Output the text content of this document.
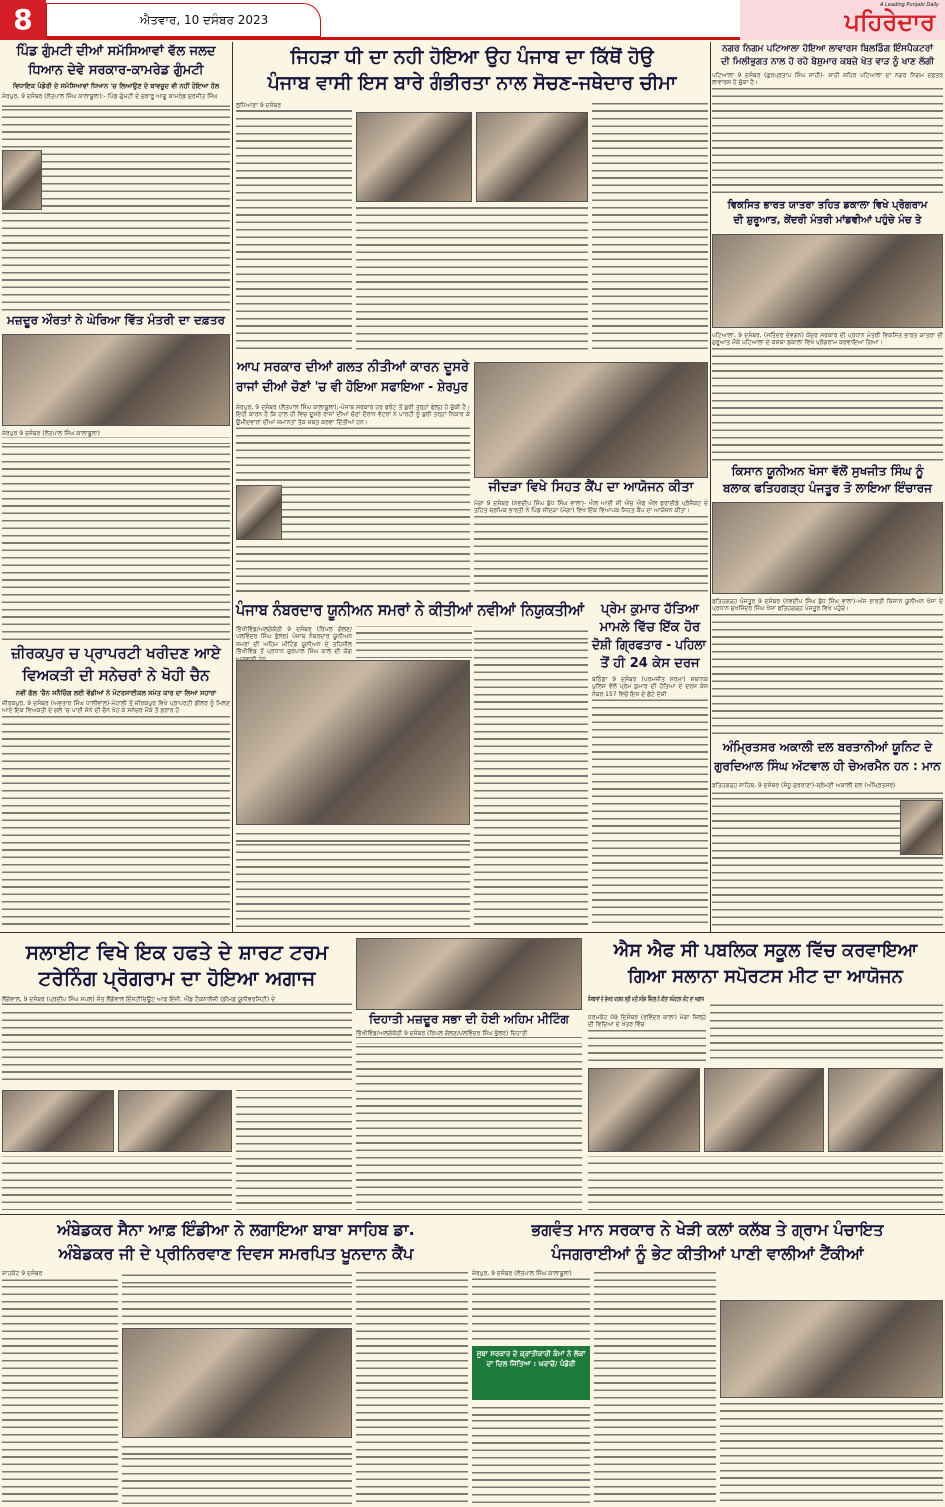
8	ਐਤਵਾਰ, 10 ਦਸੰਬਰ 2023
A Leading Punjabi Daily
ਪਹਿਰੇਦਾਰ
ਪਿੰਡ ਗੁੰਮਟੀ ਦੀਆਂ ਸਮੱਸਿਆਵਾਂ ਵੱਲ ਜਲਦ
ਧਿਆਨ ਦੇਵੇ ਸਰਕਾਰ-ਕਾਮਰੇਡ ਗੁੰਮਟੀ
ਵਿਧਾਇਕ ਪੰਡੋਰੀ ਦੇ ਸਮੱਸਿਆਵਾਂ ਧਿਆਨ 'ਚ ਲਿਆਉਣ ਦੇ ਬਾਵਜੂਦ ਵੀ ਨਹੀਂ ਹੋਇਆ ਹੱਲ
ਸ਼ੇਰਪੁਰ, 9 ਦਸੰਬਰ (ਲੋਤਪਾਲ ਸਿੰਘ ਕਾਲਾਬੂਲਾ):- ਪਿੰਡ ਗੁੰਮਟੀ ਦੇ ਜੁਝਾਰੂ ਆਗੂ ਕਾਮਰੇਡ ਸੁਰਜੀਤ ਸਿੰਘ
ਮਜ਼ਦੂਰ ਔਰਤਾਂ ਨੇ ਘੇਰਿਆ ਵਿੱਤ ਮੰਤਰੀ ਦਾ ਦਫ਼ਤਰ
ਸ਼ੇਰਪੁਰ 9 ਦਸੰਬਰ (ਲੋਤਪਾਲ ਸਿੰਘ ਕਾਲਾਬੂਲਾ)
ਜ਼ੀਰਕਪੁਰ ਚ ਪ੍ਰਾਪਰਟੀ ਖਰੀਦਣ ਆਏ
ਵਿਅਕਤੀ ਦੀ ਸਨੇਚਰਾਂ ਨੇ ਖੋਹੀ ਚੈਨ
ਨਵੀਂ ਗੱਲ 'ਚੈਨ ਸਨੈਚਿੰਗ ਲਈ ਵੱਡੀਆਂ ਨੇ ਮੋਟਰਸਾਈਕਲ ਸਮੇਤ ਕਾਰ ਦਾ ਲਿਆ ਸਹਾਰਾ
ਜ਼ੀਰਕਪੁਰ, 9 ਦਸੰਬਰ (ਅਵਤਾਰ ਸਿੰਘ ਧਾਲੀਵਾਲ)-ਮੋਹਾਲੀ ਤੋਂ ਜ਼ੀਰਕਪੁਰ ਵਿਖੇ ਪ੍ਰਾਪਰਟੀ ਡੀਲਰ ਨੂੰ ਮਿਲਣ ਆਏ ਇਕ ਵਿਅਕਤੀ ਦੇ ਗਲੇ 'ਚ ਪਾਈ ਸੋਨੇ ਦੀ ਚੈਨ ਖੋਹ ਕੇ ਸਨੇਚਰ ਮੌਕੇ ਤੋਂ ਫ਼ਰਾਰ ਹੋ
ਜਿਹੜਾ ਧੀ ਦਾ ਨਹੀ ਹੋਇਆ ਉਹ ਪੰਜਾਬ ਦਾ ਕਿੱਥੋਂ ਹੋਉ
ਪੰਜਾਬ ਵਾਸੀ ਇਸ ਬਾਰੇ ਗੰਭੀਰਤਾ ਨਾਲ ਸੋਚਣ-ਜਥੇਦਾਰ ਚੀਮਾ
ਲੁਧਿਆਣਾ 9 ਦਸੰਬਰ
ਆਪ ਸਰਕਾਰ ਦੀਆਂ ਗਲਤ ਨੀਤੀਆਂ ਕਾਰਨ ਦੂਸਰੇ
ਰਾਜਾਂ ਦੀਆਂ ਚੋਣਾਂ 'ਚ ਵੀ ਹੋਇਆ ਸਫਾਇਆ - ਸ਼ੇਰਪੁਰ
ਸ਼ੇਰਪੁਰ, 9 ਦਸੰਬਰ (ਲੋਤਪਾਲ ਸਿੰਘ ਕਾਲਾਬੂਲਾ):-ਪੰਜਾਬ ਸਰਕਾਰ ਹਰ ਫਰੰਟ ਤੋਂ ਬੁਰੀ ਤਰ੍ਹਾਂ ਫੇਲ੍ਹ ਹੋ ਚੁੱਕੀ ਹੈ। ਇਹੀ ਕਾਰਨ ਹੈ ਕਿ ਹਾਲ ਹੀ ਵਿਚ ਦੂਸਰੇ ਰਾਜਾਂ ਦੀਆਂ ਚੋਣਾਂ ਦੌਰਾਨ ਵੋਟਰਾਂ ਨੇ ਪਾਰਟੀ ਨੂੰ ਬੁਰੀ ਤਰ੍ਹਾਂ ਨਿਕਾਰ ਕੇ ਉਮੀਦਵਾਰਾਂ ਦੀਆਂ ਜ਼ਮਾਨਤਾਂ ਤੱਕ ਜ਼ਬਤ ਕਰਵਾ ਦਿੱਤੀਆਂ ਹਨ।
ਜੀਦੜਾ ਵਿਖੇ ਸਿਹਤ ਕੈਂਪ ਦਾ ਆਯੋਜਨ ਕੀਤਾ
ਮੋਗਾ 9 ਦਸੰਬਰ (ਨਵਦੀਪ ਸਿੰਘ ਬੁੱਧ ਸਿੰਘ ਵਾਲਾ)- ਐਲ ਆਈ ਸੀ ਐਚ ਐਫ ਐਲ ਫਰਾਈਡੇ ਪ੍ਰੋਜੈਕਟ ਦੇ ਤਹਿਤ ਸ਼੍ਰਮਿਕ ਭਾਰਤੀ ਨੇ ਪਿੰਡ ਜੀਦੜਾ (ਮੋਗਾ) ਵਿਖੇ ਇੱਕ ਵਿਆਪਕ ਸਿਹਤ ਕੈਂਪ ਦਾ ਆਯੋਜਨ ਕੀਤਾ।
ਪੰਜਾਬ ਨੰਬਰਦਾਰ ਯੂਨੀਅਨ ਸਮਰਾਂ ਨੇ ਕੀਤੀਆਂ ਨਵੀਆਂ ਨਿਯੁਕਤੀਆਂ
ਭਿੱਖੀਵਿੰਡ/ਅਲਗੋਕੋਠੀ 9 ਦਸੰਬਰ (ਰਿਪਲ ਗੋਲਣ/ਪਲਵਿੰਦਰ ਸਿੰਘ ਭੁੱਲਰ) ਪੰਜਾਬ ਨੰਬਰਦਾਰ ਯੂਨੀਅਨ ਸਮਰਾਂ ਦੀ ਅਹਿਮ ਮੀਟਿੰਗ ਯੂਨੀਅਨ ਦੇ ਤਹਿਸੀਲ ਭਿੱਖੀਵਿੰਡ ਤੋਂ ਪ੍ਰਧਾਨ ਗੁਰਪਾਲ ਸਿੰਘ ਕਾਲੇ ਦੀ ਯੋਗ
ਪ੍ਰੇਮ ਕੁਮਾਰ ਹੱਤਿਆ
ਮਾਮਲੇ ਵਿੱਚ ਇੱਕ ਹੋਰ
ਦੋਸ਼ੀ ਗ੍ਰਿਫਤਾਰ - ਪਹਿਲਾ
ਤੋਂ ਹੀ 24 ਕੇਸ ਦਰਜ
ਬਠਿੰਡਾ 9 ਦਸੰਬਰ (ਪਰਮਜੀਤ ਸਰਮਾ) ਸਥਾਨਕ ਪੁਲਿਸ ਵੱਲੋਂ ਪ੍ਰੇਮ ਕੁਮਾਰ ਦੀ ਹੱਤਿਆ ਦੇ ਦਰਜ ਕੇਸ ਨੰਬਰ 157 ਵਿਚੋਂ ਇਸ ਦੇ ਛੋਟੇ ਦੋਸ਼ੀ
ਨਗਰ ਨਿਗਮ ਪਟਿਆਲਾ ਹੋਇਆ ਲਾਵਾਰਸ ਬਿਲਡਿੰਗ ਇੰਸਪੈਕਟਰਾਂ
ਦੀ ਮਿਲੀਭੁਗਤ ਨਾਲ ਹੋ ਰਹੇ ਬੇਸ਼ੁਮਾਰ ਕਬਜ਼ੇ ਖੇਤ ਵਾੜ ਨੂੰ ਖਾਣ ਲੱਗੀ
ਪਟਿਆਲਾ 9 ਦਸੰਬਰ (ਗੁਰਪ੍ਰਤਾਪ ਸਿੰਘ ਸਾਹੀ)- ਸ਼ਾਹੀ ਸ਼ਹਿਰ ਪਟਿਆਲਾ ਦਾ ਨਗਰ ਨਿਗਮ ਦਫ਼ਤਰ ਲਾਵਾਰਸ ਹੋ ਚੁੱਕਾ ਹੈ।
ਵਿਕਸਿਤ ਭਾਰਤ ਯਾਤਰਾ ਤਹਿਤ ਡਕਾਲਾ ਵਿਖੇ ਪ੍ਰੋਗਰਾਮ
ਦੀ ਸ਼ੁਰੂਆਤ, ਕੇਂਦਰੀ ਮੰਤਰੀ ਮਾਂਡਵੀਆਂ ਪਹੁੰਚੇ ਮੰਚ ਤੇ
ਪਟਿਆਲਾ, 9 ਦਸੰਬਰ, (ਜਤਿੰਦਰ ਦੇਵਗਨ) ਕੇਂਦਰ ਸਰਕਾਰ ਦੀ ਪ੍ਰਧਾਨ ਮੰਤਰੀ ਵਿਕਸਿਤ ਭਾਰਤ ਯਾਤਰਾ ਦੀ ਸ਼ੁਰੂਆਤ ਮੌਕੇ ਪਟਿਆਲਾ ਦੇ ਕਸਬਾ ਡਕਾਲਾ ਵਿਖੇ ਪ੍ਰੋਗਰਾਮ ਕਰਵਾਇਆ ਗਿਆ।
ਕਿਸਾਨ ਯੂਨੀਅਨ ਖੋਸਾ ਵੱਲੋਂ ਸੁਖਜੀਤ ਸਿੰਘ ਨੂੰ
ਬਲਾਕ ਫਤਿਹਗੜ੍ਹ ਪੰਜਤੂਰ ਤੋ ਲਾਇਆ ਇੰਚਾਰਜ
ਫਤਿਹਗੜ੍ਹ ਪੰਜਤੂਰ 9 ਦਸੰਬਰ (ਨਵਦੀਪ ਸਿੰਘ ਬੁੱਧ ਸਿੰਘ ਵਾਲਾ)-ਅੱਜ ਭਾਰਤੀ ਕਿਸਾਨ ਯੂਨੀਅਨ ਖੋਸਾ ਦੇ ਪ੍ਰਧਾਨ ਸੁਖਜਿੰਦਰ ਸਿੰਘ ਖੋਸਾ ਫਤਿਹਗੜ੍ਹ ਪੰਜਤੂਰ ਵਿਖੇ ਪਹੁੰਚੇ।
ਅੰਮ੍ਰਿਤਸਰ ਅਕਾਲੀ ਦਲ ਬਰਤਾਨੀਆਂ ਯੂਨਿਟ ਦੇ
ਗੁਰਦਿਆਲ ਸਿੰਘ ਅੱਟਵਾਲ ਹੀ ਚੇਅਰਮੈਨ ਹਨ : ਮਾਨ
ਫਤਿਹਗੜ੍ਹ ਸਾਹਿਬ, 9 ਦਸੰਬਰ (ਸੰਧੂ ਸੁਰਰਾਣਾ)-ਸ਼੍ਰੋਮਣੀ ਅਕਾਲੀ ਦਲ (ਅੰਮ੍ਰਿਤਸਰ)
ਸਲਾਈਟ ਵਿਖੇ ਇਕ ਹਫਤੇ ਦੇ ਸ਼ਾਰਟ ਟਰਮ
ਟਰੇਨਿੰਗ ਪ੍ਰੋਗਰਾਮ ਦਾ ਹੋਇਆ ਅਗਾਜ
ਲੌਂਗੋਵਾਲ, 9 ਦਸੰਬਰ (ਪ੍ਰਦੀਪ ਸਿੰਘ ਸਪਲ) ਸੰਤ ਲੌਂਗੋਵਾਲ ਇੰਸਟੀਚਿਊਟ ਆਫ ਇੰਜੀ. ਐਂਡ ਟੈਕਨਾਲੋਜੀ (ਡੀਮਡ ਯੂਨੀਵਰਸਿਟੀ) ਦੇ
ਦਿਹਾਤੀ ਮਜ਼ਦੂਰ ਸਭਾ ਦੀ ਹੋਈ ਅਹਿਮ ਮੀਟਿੰਗ
ਭਿੱਖੀਵਿੰਡ/ਅਲਗੋਕੋਠੀ 9 ਦਸੰਬਰ (ਰਿਪਲ ਗੋਲਣ/ਪਲਵਿੰਦਰ ਸਿੰਘ ਭੁੱਲਰ) ਦਿਹਾਤੀ
ਐਸ ਐਫ ਸੀ ਪਬਲਿਕ ਸਕੂਲ ਵਿੱਚ ਕਰਵਾਇਆ
ਗਿਆ ਸਲਾਨਾ ਸਪੋਰਟਸ ਮੀਟ ਦਾ ਆਯੋਜਨ
ਸੰਸਥਾਵਾਂ ਦੇ ਚੇਅਰ ਪਰਸਨ ਸ੍ਰੀ ਮਤੀ ਸਰੋਜ ਜਿੰਦਲ ਨੇ ਕੀਤਾ ਸਪੋਰਟਸ ਮੀਟ ਦਾ ਅਗਾਜ
ਧਰਮਕੋਟ 09 ਦਿਸੰਬਰ (ਰਵਿੰਦਰ ਕਾਲਾ) ਮੋਗਾ ਜ਼ਿਲ੍ਹੇ ਦੀ ਵਿਦਿਆ ਦੇ ਖੇਤਰ ਵਿੱਚ
ਅੰਬੇਡਕਰ ਸੈਨਾ ਆਫ਼ ਇੰਡੀਆ ਨੇ ਲਗਾਇਆ ਬਾਬਾ ਸਾਹਿਬ ਡਾ.
ਅੰਬੇਡਕਰ ਜੀ ਦੇ ਪ੍ਰੀਨਿਰਵਾਣ ਦਿਵਸ ਸਮਰਪਿਤ ਖੂਨਦਾਨ ਕੈਂਪ
ਸ਼ਾਹਕੋਟ 9 ਦਸੰਬਰ
ਭਗਵੰਤ ਮਾਨ ਸਰਕਾਰ ਨੇ ਖੇੜੀ ਕਲਾਂ ਕਲੱਬ ਤੇ ਗ੍ਰਾਮ ਪੰਚਾਇਤ
ਪੰਜਗਰਾਈਆਂ ਨੂੰ ਭੇਟ ਕੀਤੀਆਂ ਪਾਣੀ ਵਾਲੀਆਂ ਟੈਂਕੀਆਂ
ਸ਼ੇਰਪੁਰ, 9 ਦਸੰਬਰ (ਲੋਤਪਾਲ ਸਿੰਘ ਕਾਲਾਬੂਲਾ)
ਸੂਬਾ ਸਰਕਾਰ ਦੇ ਕ੍ਰਾਂਤੀਕਾਰੀ ਕੰਮਾਂ ਨੇ ਲੋਕਾਂ ਦਾ ਦਿਲ ਜਿੱਤਿਆ : ਘਰਾਚੋਂ/ ਪੰਡੋਰੀ
